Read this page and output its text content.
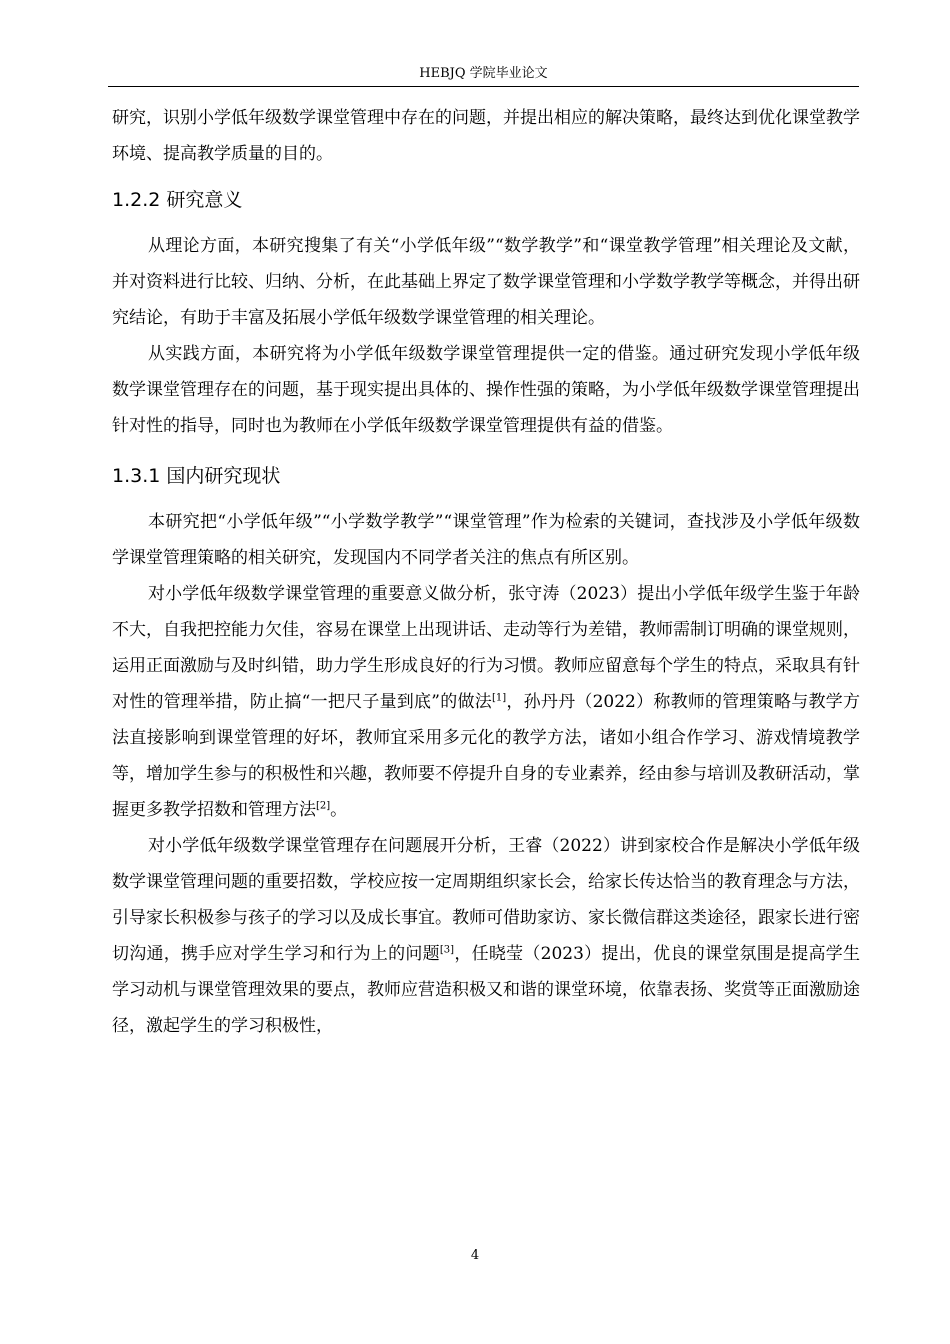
HEBJQ 学院毕业论文

研究，识别小学低年级数学课堂管理中存在的问题，并提出相应的解决策略，最终达到优化课堂教学环境、提高教学质量的目的。

1.2.2 研究意义

从理论方面，本研究搜集了有关“小学低年级”“数学教学”和“课堂教学管理”相关理论及文献，并对资料进行比较、归纳、分析，在此基础上界定了数学课堂管理和小学数学教学等概念，并得出研究结论，有助于丰富及拓展小学低年级数学课堂管理的相关理论。

从实践方面，本研究将为小学低年级数学课堂管理提供一定的借鉴。通过研究发现小学低年级数学课堂管理存在的问题，基于现实提出具体的、操作性强的策略，为小学低年级数学课堂管理提出针对性的指导，同时也为教师在小学低年级数学课堂管理提供有益的借鉴。

1.3.1 国内研究现状

本研究把“小学低年级”“小学数学教学”“课堂管理”作为检索的关键词，查找涉及小学低年级数学课堂管理策略的相关研究，发现国内不同学者关注的焦点有所区别。

对小学低年级数学课堂管理的重要意义做分析，张守涛（2023）提出小学低年级学生鉴于年龄不大，自我把控能力欠佳，容易在课堂上出现讲话、走动等行为差错，教师需制订明确的课堂规则，运用正面激励与及时纠错，助力学生形成良好的行为习惯。教师应留意每个学生的特点，采取具有针对性的管理举措，防止搞“一把尺子量到底”的做法[1]，孙丹丹（2022）称教师的管理策略与教学方法直接影响到课堂管理的好坏，教师宜采用多元化的教学方法，诸如小组合作学习、游戏情境教学等，增加学生参与的积极性和兴趣，教师要不停提升自身的专业素养，经由参与培训及教研活动，掌握更多教学招数和管理方法[2]。

对小学低年级数学课堂管理存在问题展开分析，王睿（2022）讲到家校合作是解决小学低年级数学课堂管理问题的重要招数，学校应按一定周期组织家长会，给家长传达恰当的教育理念与方法，引导家长积极参与孩子的学习以及成长事宜。教师可借助家访、家长微信群这类途径，跟家长进行密切沟通，携手应对学生学习和行为上的问题[3]，任晓莹（2023）提出，优良的课堂氛围是提高学生学习动机与课堂管理效果的要点，教师应营造积极又和谐的课堂环境，依靠表扬、奖赏等正面激励途径，激起学生的学习积极性，

4
